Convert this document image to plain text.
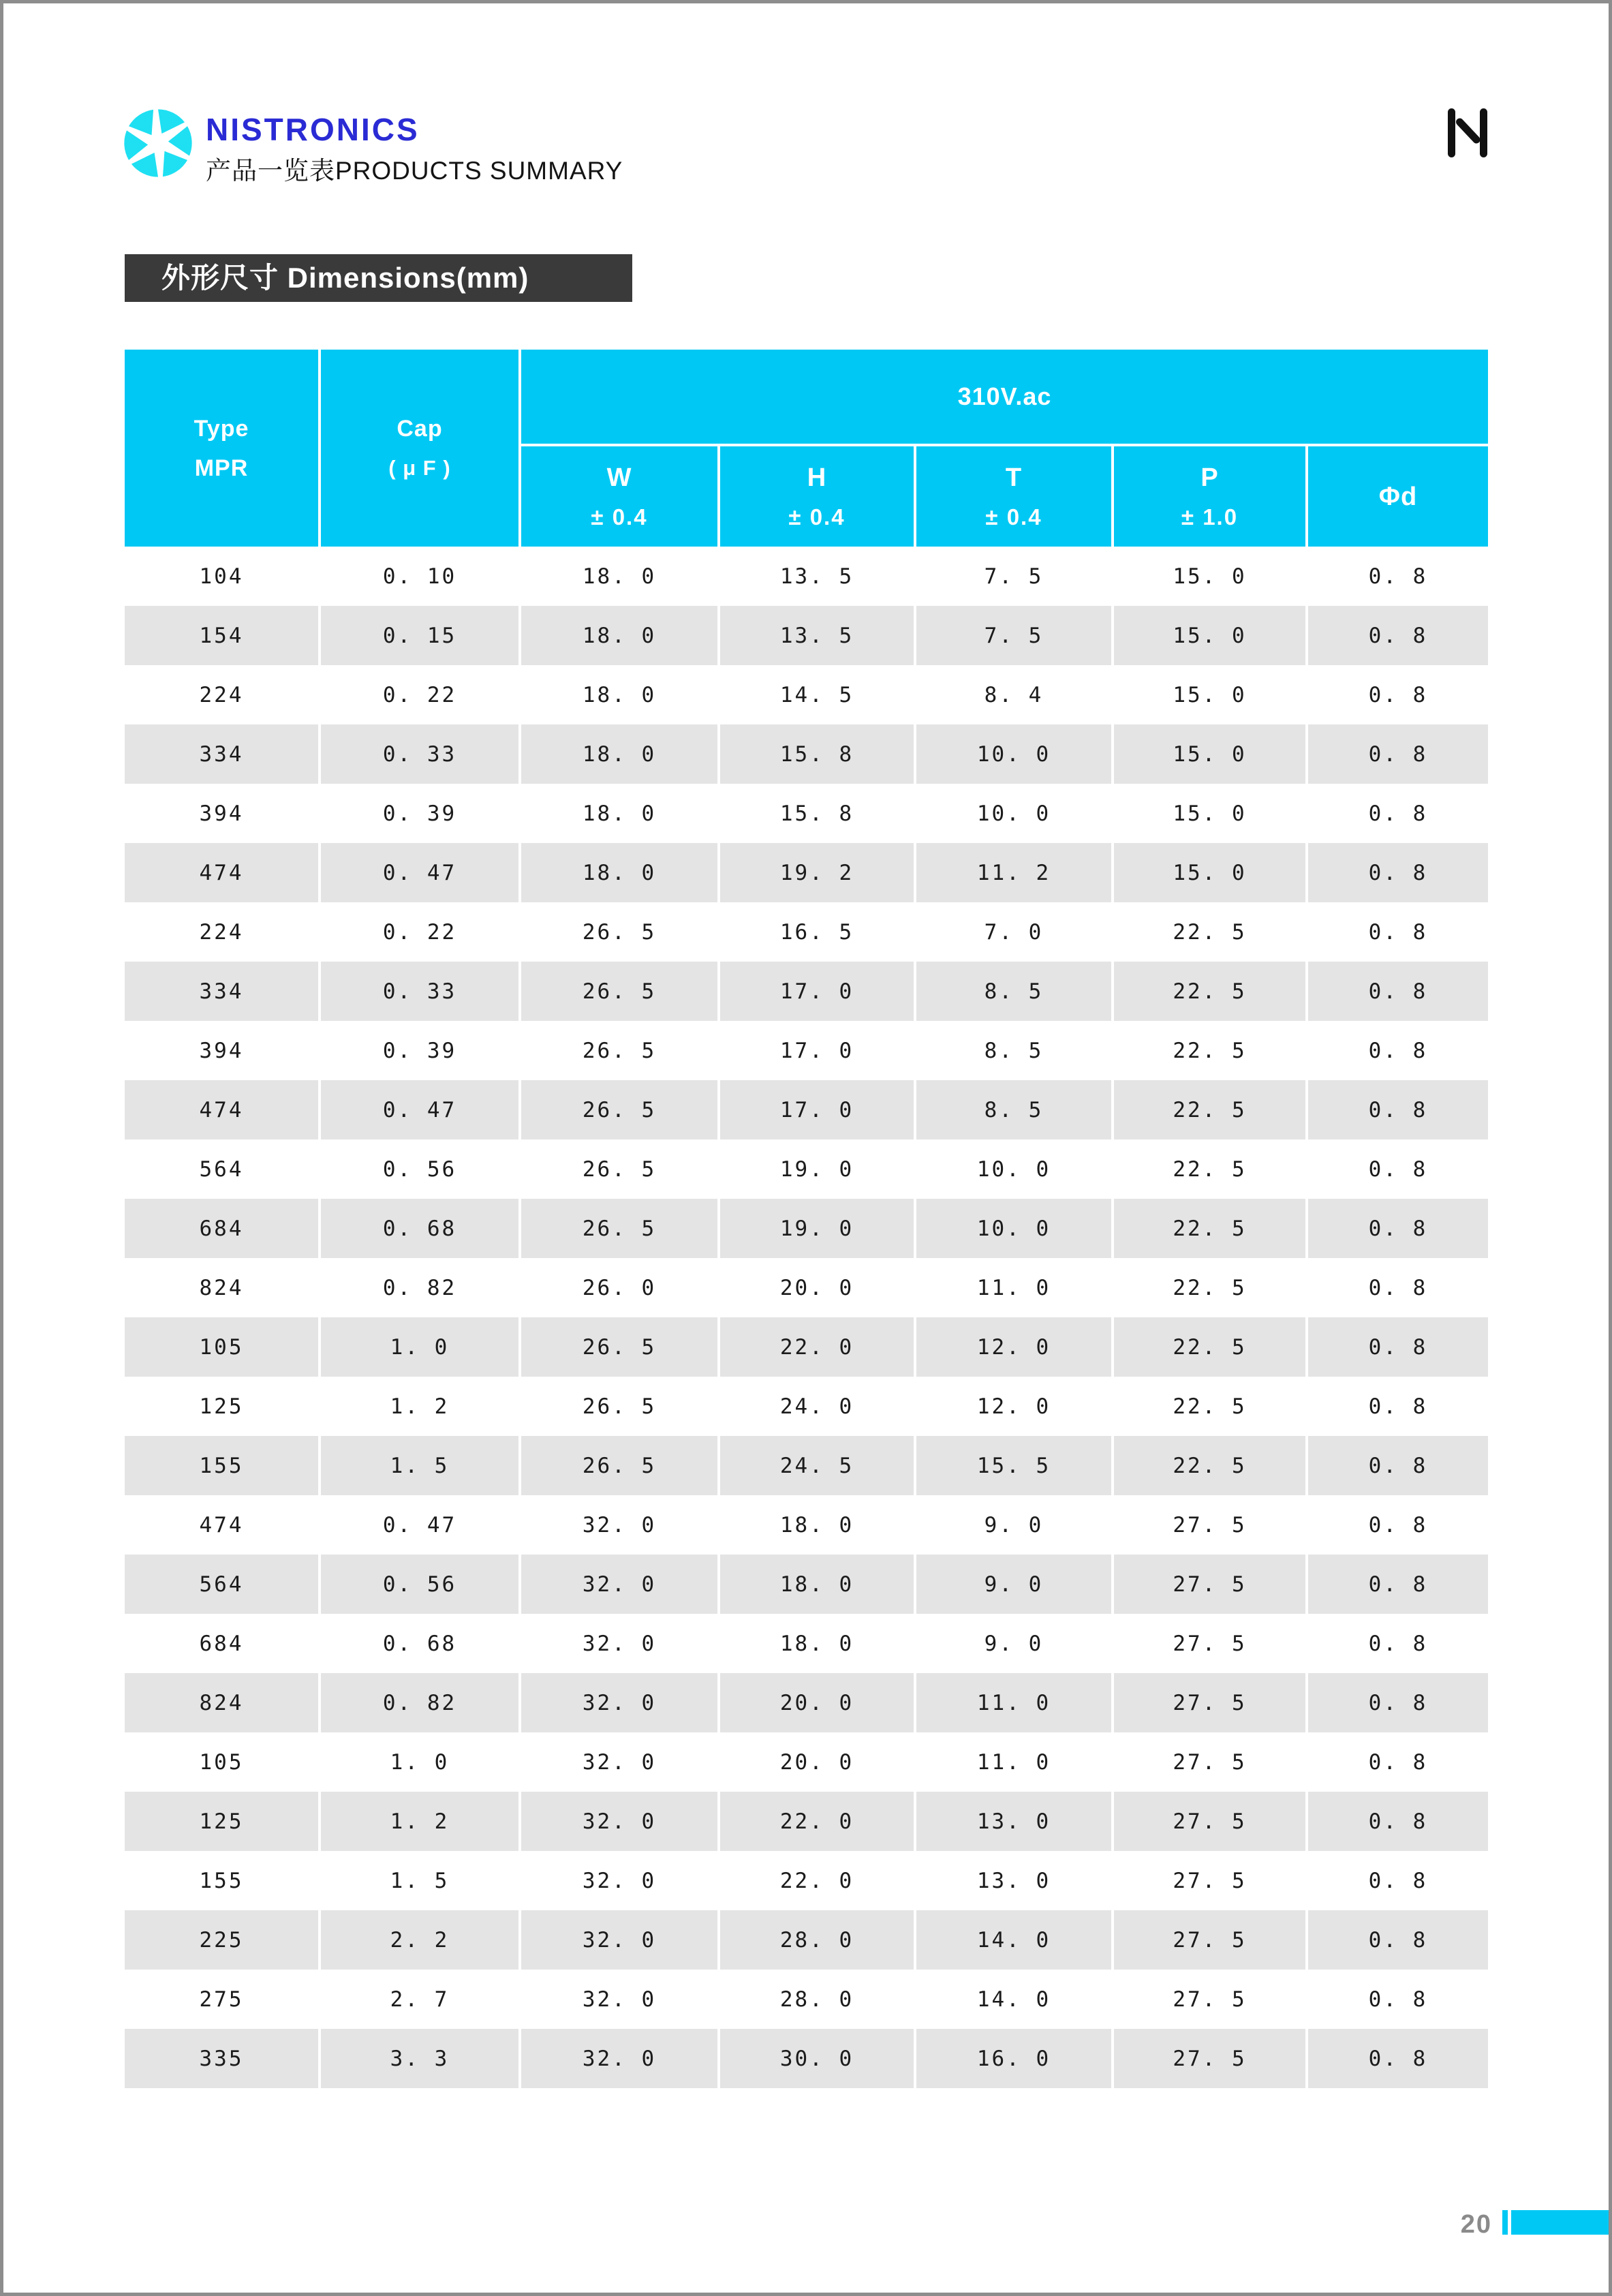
NISTRONICS
产品一览表PRODUCTS SUMMARY
外形尺寸 Dimensions(mm)
Type
MPR
Cap
( μ F )
310V.ac
W
± 0.4
H
± 0.4
T
± 0.4
P
± 1.0
Φd
104	0. 10	18. 0	13. 5	7. 5	15. 0	0. 8
154	0. 15	18. 0	13. 5	7. 5	15. 0	0. 8
224	0. 22	18. 0	14. 5	8. 4	15. 0	0. 8
334	0. 33	18. 0	15. 8	10. 0	15. 0	0. 8
394	0. 39	18. 0	15. 8	10. 0	15. 0	0. 8
474	0. 47	18. 0	19. 2	11. 2	15. 0	0. 8
224	0. 22	26. 5	16. 5	7. 0	22. 5	0. 8
334	0. 33	26. 5	17. 0	8. 5	22. 5	0. 8
394	0. 39	26. 5	17. 0	8. 5	22. 5	0. 8
474	0. 47	26. 5	17. 0	8. 5	22. 5	0. 8
564	0. 56	26. 5	19. 0	10. 0	22. 5	0. 8
684	0. 68	26. 5	19. 0	10. 0	22. 5	0. 8
824	0. 82	26. 0	20. 0	11. 0	22. 5	0. 8
105	1. 0	26. 5	22. 0	12. 0	22. 5	0. 8
125	1. 2	26. 5	24. 0	12. 0	22. 5	0. 8
155	1. 5	26. 5	24. 5	15. 5	22. 5	0. 8
474	0. 47	32. 0	18. 0	9. 0	27. 5	0. 8
564	0. 56	32. 0	18. 0	9. 0	27. 5	0. 8
684	0. 68	32. 0	18. 0	9. 0	27. 5	0. 8
824	0. 82	32. 0	20. 0	11. 0	27. 5	0. 8
105	1. 0	32. 0	20. 0	11. 0	27. 5	0. 8
125	1. 2	32. 0	22. 0	13. 0	27. 5	0. 8
155	1. 5	32. 0	22. 0	13. 0	27. 5	0. 8
225	2. 2	32. 0	28. 0	14. 0	27. 5	0. 8
275	2. 7	32. 0	28. 0	14. 0	27. 5	0. 8
335	3. 3	32. 0	30. 0	16. 0	27. 5	0. 8
20
